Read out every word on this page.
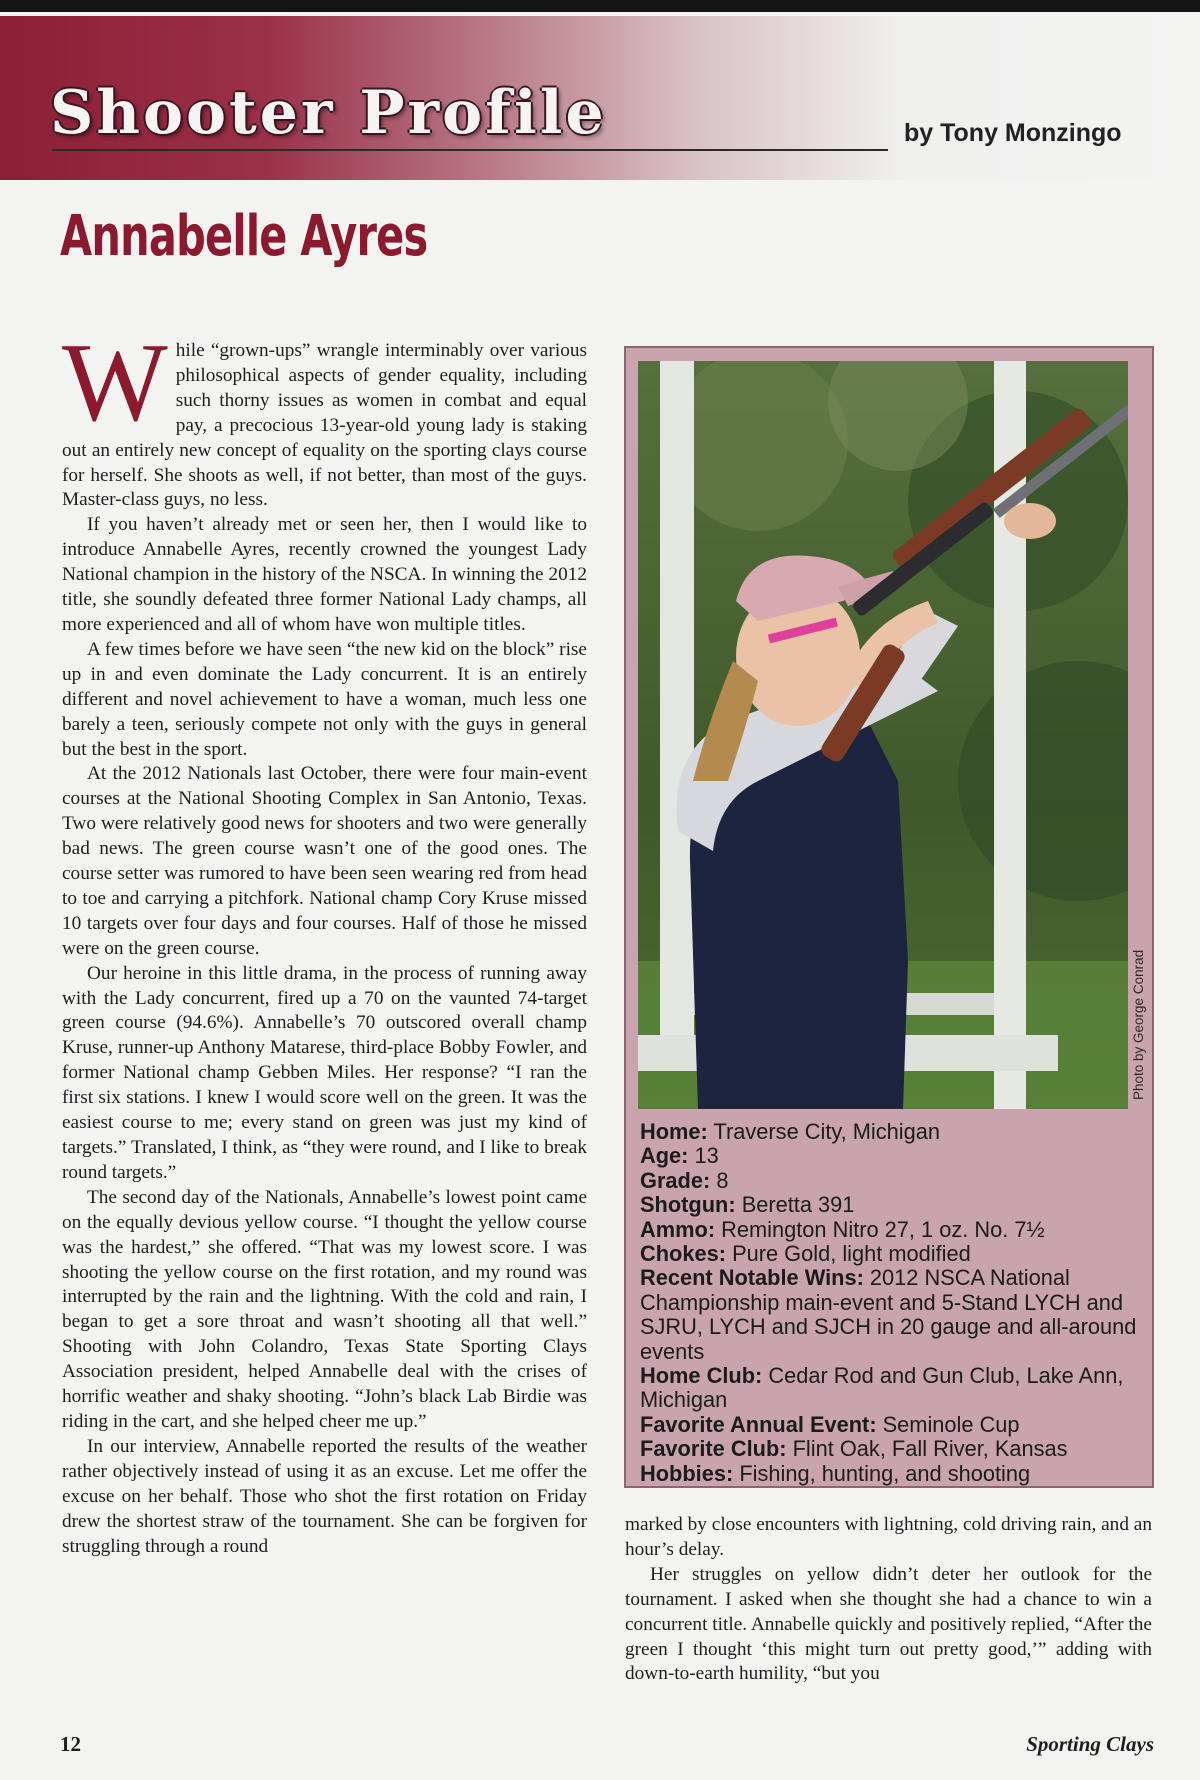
Shooter Profile	by Tony Monzingo
Annabelle Ayres

While “grown-ups” wrangle interminably over various philosophical aspects of gender equality, including such thorny issues as women in combat and equal pay, a precocious 13-year-old young lady is staking out an entirely new concept of equality on the sporting clays course for herself. She shoots as well, if not better, than most of the guys. Master-class guys, no less.

If you haven’t already met or seen her, then I would like to introduce Annabelle Ayres, recently crowned the youngest Lady National champion in the history of the NSCA. In winning the 2012 title, she soundly defeated three former National Lady champs, all more experienced and all of whom have won multiple titles.

A few times before we have seen “the new kid on the block” rise up in and even dominate the Lady concurrent. It is an entirely different and novel achievement to have a woman, much less one barely a teen, seriously compete not only with the guys in general but the best in the sport.

At the 2012 Nationals last October, there were four main-event courses at the National Shooting Complex in San Antonio, Texas. Two were relatively good news for shooters and two were generally bad news. The green course wasn’t one of the good ones. The course setter was rumored to have been seen wearing red from head to toe and carrying a pitchfork. National champ Cory Kruse missed 10 targets over four days and four courses. Half of those he missed were on the green course.

Our heroine in this little drama, in the process of running away with the Lady concurrent, fired up a 70 on the vaunted 74-target green course (94.6%). Annabelle’s 70 outscored overall champ Kruse, runner-up Anthony Matarese, third-place Bobby Fowler, and former National champ Gebben Miles. Her response? “I ran the first six stations. I knew I would score well on the green. It was the easiest course to me; every stand on green was just my kind of targets.” Translated, I think, as “they were round, and I like to break round targets.”

The second day of the Nationals, Annabelle’s lowest point came on the equally devious yellow course. “I thought the yellow course was the hardest,” she offered. “That was my lowest score. I was shooting the yellow course on the first rotation, and my round was interrupted by the rain and the lightning. With the cold and rain, I began to get a sore throat and wasn’t shooting all that well.” Shooting with John Colandro, Texas State Sporting Clays Association president, helped Annabelle deal with the crises of horrific weather and shaky shooting. “John’s black Lab Birdie was riding in the cart, and she helped cheer me up.”

In our interview, Annabelle reported the results of the weather rather objectively instead of using it as an excuse. Let me offer the excuse on her behalf. Those who shot the first rotation on Friday drew the shortest straw of the tournament. She can be forgiven for struggling through a round

Photo by George Conrad

Home: Traverse City, Michigan

Age: 13

Grade: 8

Shotgun: Beretta 391

Ammo: Remington Nitro 27, 1 oz. No. 7½

Chokes: Pure Gold, light modified

Recent Notable Wins: 2012 NSCA National Championship main-event and 5-Stand LYCH and SJRU, LYCH and SJCH in 20 gauge and all-around events

Home Club: Cedar Rod and Gun Club, Lake Ann, Michigan

Favorite Annual Event: Seminole Cup

Favorite Club: Flint Oak, Fall River, Kansas

Hobbies: Fishing, hunting, and shooting

marked by close encounters with lightning, cold driving rain, and an hour’s delay.

Her struggles on yellow didn’t deter her outlook for the tournament. I asked when she thought she had a chance to win a concurrent title. Annabelle quickly and positively replied, “After the green I thought ‘this might turn out pretty good,’” adding with down-to-earth humility, “but you

12	Sporting Clays
